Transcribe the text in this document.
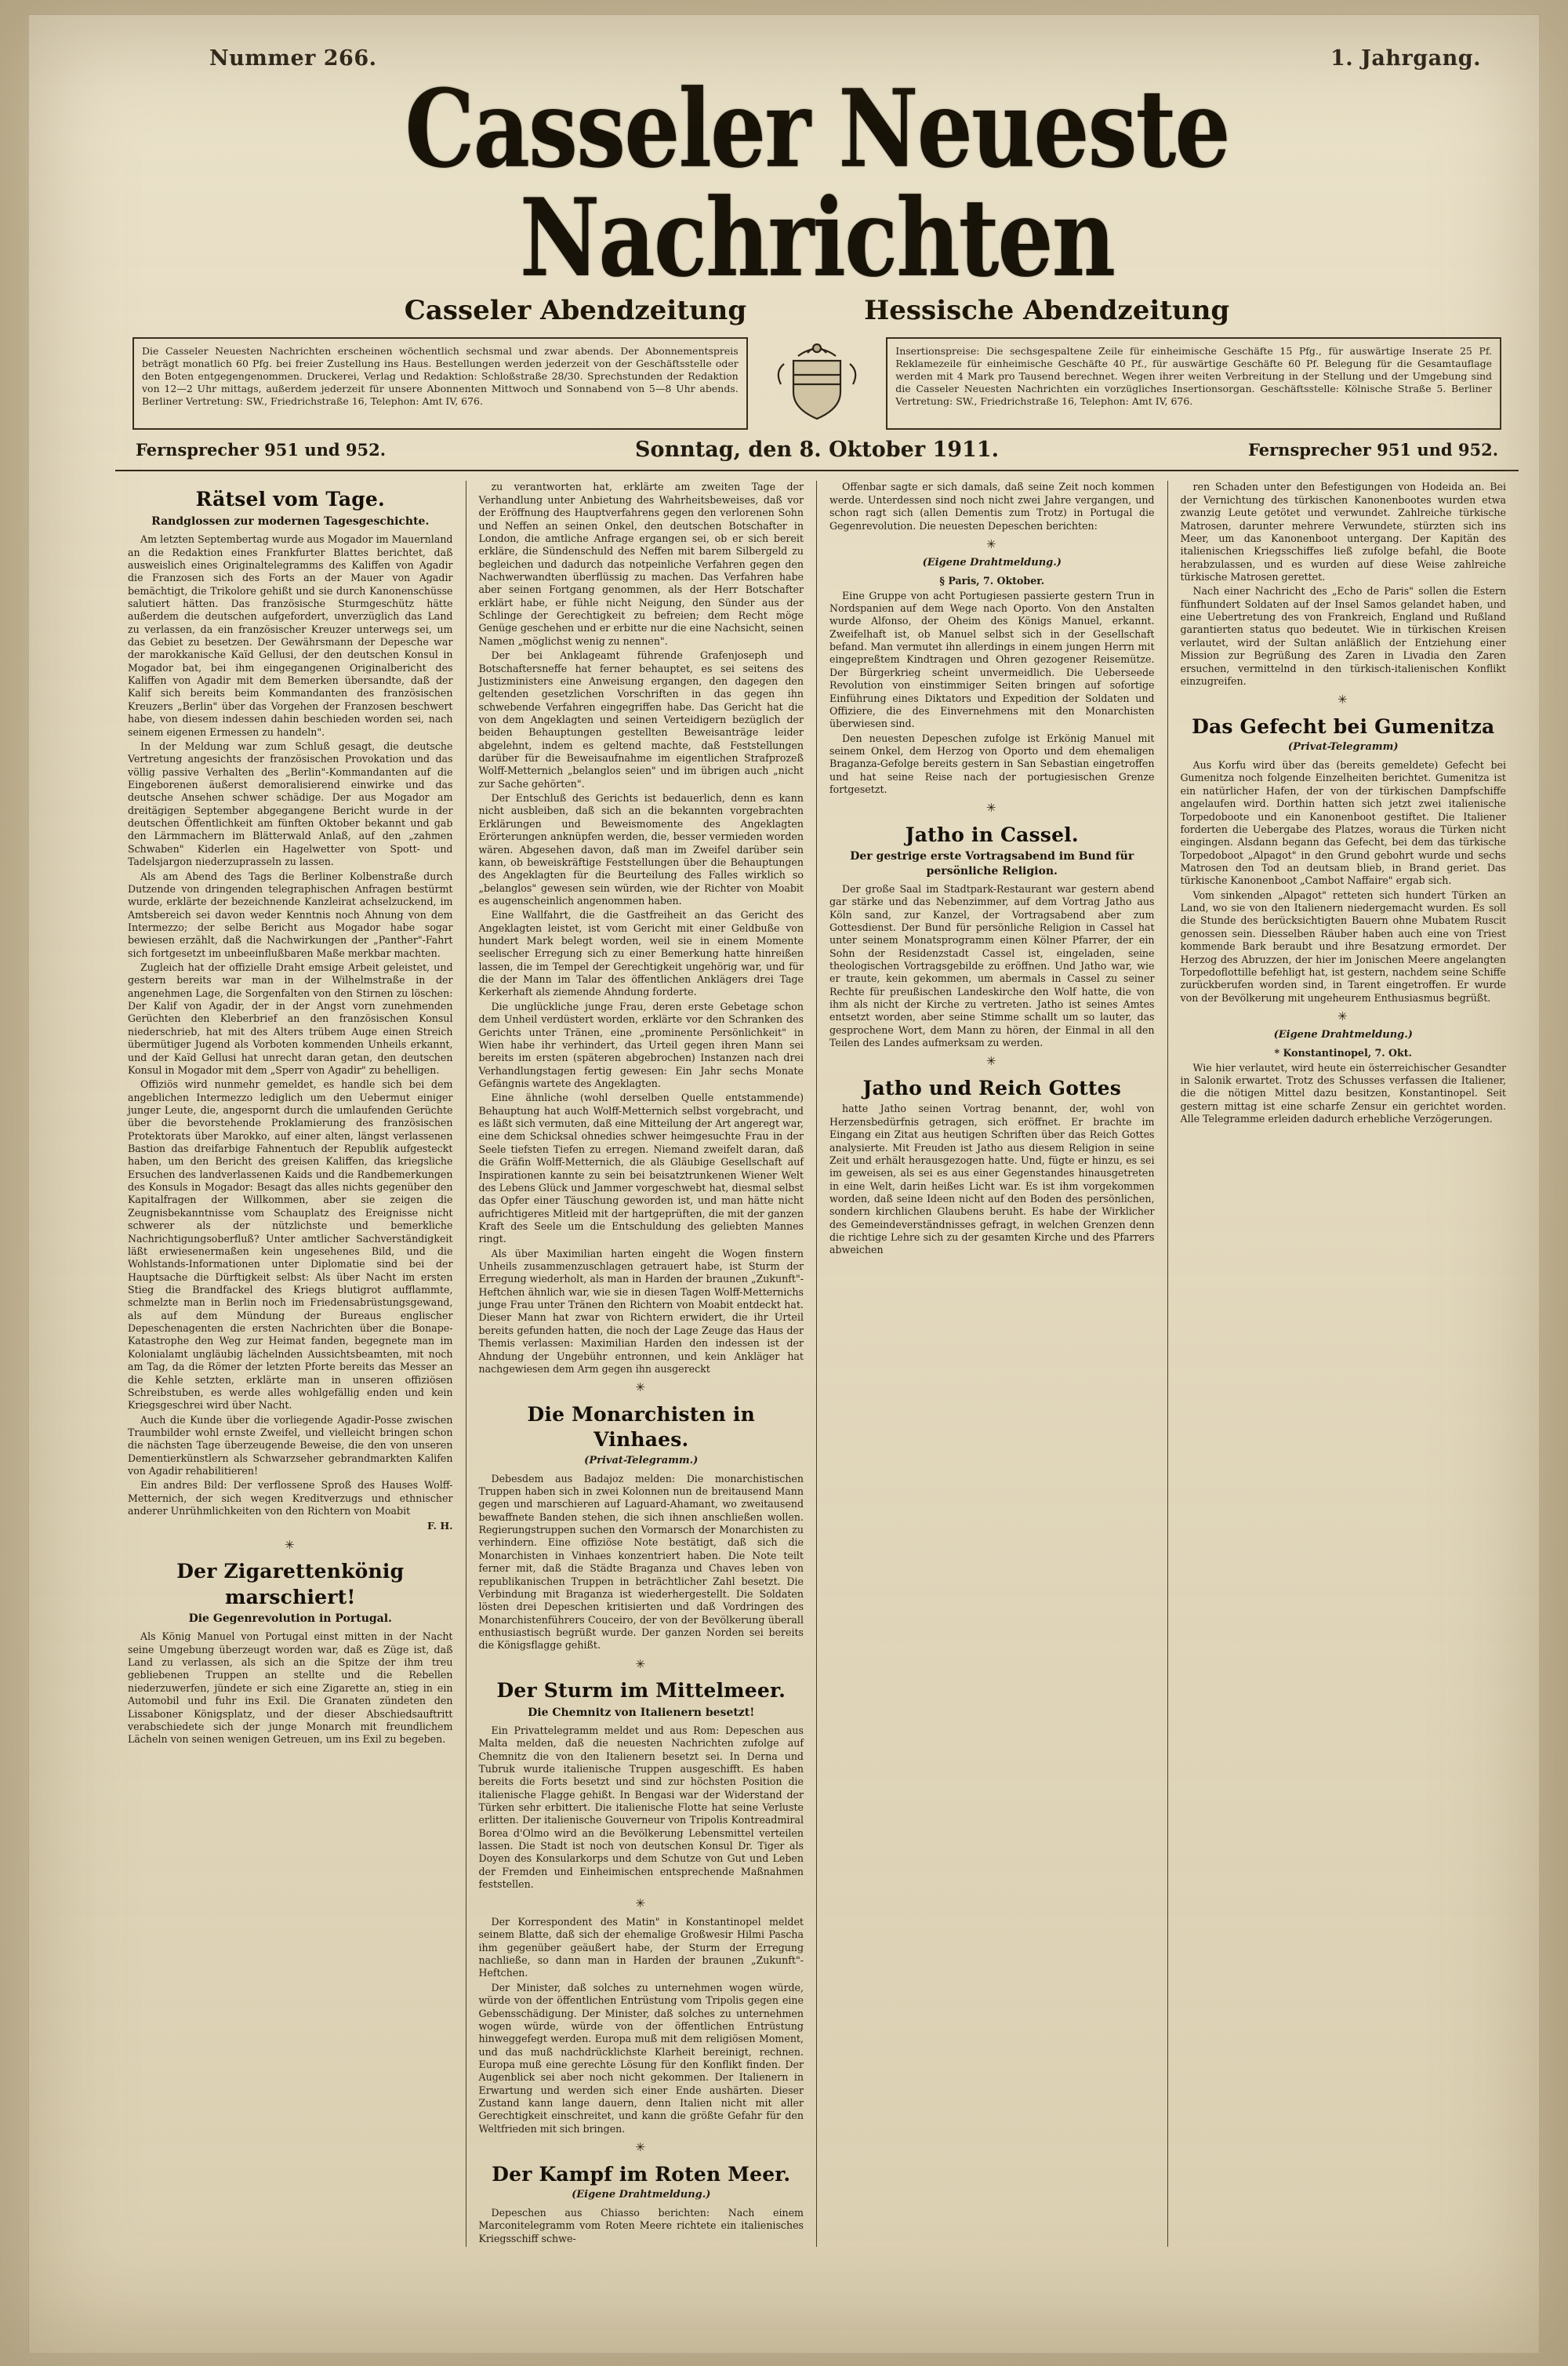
Nummer 266.	1. Jahrgang.
Casseler Neueste Nachrichten
Casseler Abendzeitung	Hessische Abendzeitung
Die Casseler Neuesten Nachrichten erscheinen wöchentlich sechsmal und zwar abends. Der Abonnementspreis beträgt monatlich 60 Pfg. bei freier Zustellung ins Haus. Bestellungen werden jederzeit von der Geschäftsstelle oder den Boten entgegengenommen. Druckerei, Verlag und Redaktion: Schloßstraße 28/30. Sprechstunden der Redaktion von 12—2 Uhr mittags, außerdem jederzeit für unsere Abonnenten Mittwoch und Sonnabend von 5—8 Uhr abends. Berliner Vertretung: SW., Friedrichstraße 16, Telephon: Amt IV, 676.
Insertionspreise: Die sechsgespaltene Zeile für einheimische Geschäfte 15 Pfg., für auswärtige Inserate 25 Pf. Reklamezeile für einheimische Geschäfte 40 Pf., für auswärtige Geschäfte 60 Pf. Belegung für die Gesamtauflage werden mit 4 Mark pro Tausend berechnet. Wegen ihrer weiten Verbreitung in der Stellung und der Umgebung sind die Casseler Neuesten Nachrichten ein vorzügliches Insertionsorgan. Geschäftsstelle: Kölnische Straße 5. Berliner Vertretung: SW., Friedrichstraße 16, Telephon: Amt IV, 676.
Fernsprecher 951 und 952.	Sonntag, den 8. Oktober 1911.	Fernsprecher 951 und 952.
Rätsel vom Tage.
Randglossen zur modernen Tagesgeschichte.

Am letzten Septembertag wurde aus Mogador im Mauernland an die Redaktion eines Frankfurter Blattes berichtet, daß ausweislich eines Originaltelegramms des Kaliffen von Agadir die Franzosen sich des Forts an der Mauer von Agadir bemächtigt, die Trikolore gehißt und sie durch Kanonenschüsse salutiert hätten. Das französische Sturmgeschütz hätte außerdem die deutschen aufgefordert, unverzüglich das Land zu verlassen, da ein französischer Kreuzer unterwegs sei, um das Gebiet zu besetzen. Der Gewährsmann der Depesche war der marokkanische Kaïd Gellusi, der den deutschen Konsul in Mogador bat, bei ihm eingegangenen Originalbericht des Kaliffen von Agadir mit dem Bemerken übersandte, daß der Kalif sich bereits beim Kommandanten des französischen Kreuzers „Berlin" über das Vorgehen der Franzosen beschwert habe, von diesem indessen dahin beschieden worden sei, nach seinem eigenen Ermessen zu handeln".

In der Meldung war zum Schluß gesagt, die deutsche Vertretung angesichts der französischen Provokation und das völlig passive Verhalten des „Berlin"-Kommandanten auf die Eingeborenen äußerst demoralisierend einwirke und das deutsche Ansehen schwer schädige. Der aus Mogador am dreitägigen September abgegangene Bericht wurde in der deutschen Öffentlichkeit am fünften Oktober bekannt und gab den Lärmmachern im Blätterwald Anlaß, auf den „zahmen Schwaben" Kiderlen ein Hagelwetter von Spott- und Tadelsjargon niederzuprasseln zu lassen.

Als am Abend des Tags die Berliner Kolbenstraße durch Dutzende von dringenden telegraphischen Anfragen bestürmt wurde, erklärte der bezeichnende Kanzleirat achselzuckend, im Amtsbereich sei davon weder Kenntnis noch Ahnung von dem Intermezzo; der selbe Bericht aus Mogador habe sogar bewiesen erzählt, daß die Nachwirkungen der „Panther"-Fahrt sich fortgesetzt im unbeeinflußbaren Maße merkbar machten.

Zugleich hat der offizielle Draht emsige Arbeit geleistet, und gestern bereits war man in der Wilhelmstraße in der angenehmen Lage, die Sorgenfalten von den Stirnen zu löschen: Der Kalif von Agadir, der in der Angst vorn zunehmenden Gerüchten den Kleberbrief an den französischen Konsul niederschrieb, hat mit des Alters trübem Auge einen Streich übermütiger Jugend als Vorboten kommenden Unheils erkannt, und der Kaïd Gellusi hat unrecht daran getan, den deutschen Konsul in Mogador mit dem „Sperr von Agadir" zu behelligen.

Offiziös wird nunmehr gemeldet, es handle sich bei dem angeblichen Intermezzo lediglich um den Uebermut einiger junger Leute, die, angespornt durch die umlaufenden Gerüchte über die bevorstehende Proklamierung des französischen Protektorats über Marokko, auf einer alten, längst verlassenen Bastion das dreifarbige Fahnentuch der Republik aufgesteckt haben, um den Bericht des greisen Kaliffen, das kriegsliche Ersuchen des landverlassenen Kaids und die Randbemerkungen des Konsuls in Mogador: Besagt das alles nichts gegenüber den Kapitalfragen der Willkommen, aber sie zeigen die Zeugnisbekanntnisse vom Schauplatz des Ereignisse nicht schwerer als der nützlichste und bemerkliche Nachrichtigungsoberfluß? Unter amtlicher Sachverständigkeit läßt erwiesenermaßen kein ungesehenes Bild, und die Wohlstands-Informationen unter Diplomatie sind bei der Hauptsache die Dürftigkeit selbst: Als über Nacht im ersten Stieg die Brandfackel des Kriegs blutigrot aufflammte, schmelzte man in Berlin noch im Friedensabrüstungsgewand, als auf dem Mündung der Bureaus englischer Depeschenagenten die ersten Nachrichten über die Bonape-Katastrophe den Weg zur Heimat fanden, begegnete man im Kolonialamt ungläubig lächelnden Aussichtsbeamten, mit noch am Tag, da die Römer der letzten Pforte bereits das Messer an die Kehle setzten, erklärte man in unseren offiziösen Schreibstuben, es werde alles wohlgefällig enden und kein Kriegsgeschrei wird über Nacht.

Auch die Kunde über die vorliegende Agadir-Posse zwischen Traumbilder wohl ernste Zweifel, und vielleicht bringen schon die nächsten Tage überzeugende Beweise, die den von unseren Dementierkünstlern als Schwarzseher gebrandmarkten Kalifen von Agadir rehabilitieren!

Ein andres Bild: Der verflossene Sproß des Hauses Wolff-Metternich, der sich wegen Kreditverzugs und ethnischer anderer Unrühmlichkeiten von den Richtern von Moabit

F. H.
✳
Der Zigarettenkönig marschiert!
Die Gegenrevolution in Portugal.

Als König Manuel von Portugal einst mitten in der Nacht seine Umgebung überzeugt worden war, daß es Züge ist, daß Land zu verlassen, als sich an die Spitze der ihm treu gebliebenen Truppen an stellte und die Rebellen niederzuwerfen, jündete er sich eine Zigarette an, stieg in ein Automobil und fuhr ins Exil. Die Granaten zündeten den Lissaboner Königsplatz, und der dieser Abschiedsauftritt verabschiedete sich der junge Monarch mit freundlichem Lächeln von seinen wenigen Getreuen, um ins Exil zu begeben.

zu verantworten hat, erklärte am zweiten Tage der Verhandlung unter Anbietung des Wahrheitsbeweises, daß vor der Eröffnung des Hauptverfahrens gegen den verlorenen Sohn und Neffen an seinen Onkel, den deutschen Botschafter in London, die amtliche Anfrage ergangen sei, ob er sich bereit erkläre, die Sündenschuld des Neffen mit barem Silbergeld zu begleichen und dadurch das notpeinliche Verfahren gegen den Nachwerwandten überflüssig zu machen. Das Verfahren habe aber seinen Fortgang genommen, als der Herr Botschafter erklärt habe, er fühle nicht Neigung, den Sünder aus der Schlinge der Gerechtigkeit zu befreien; dem Recht möge Genüge geschehen und er erbitte nur die eine Nachsicht, seinen Namen „möglichst wenig zu nennen".

Der bei Anklageamt führende Grafenjoseph und Botschaftersneffe hat ferner behauptet, es sei seitens des Justizministers eine Anweisung ergangen, den dagegen den geltenden gesetzlichen Vorschriften in das gegen ihn schwebende Verfahren eingegriffen habe. Das Gericht hat die von dem Angeklagten und seinen Verteidigern bezüglich der beiden Behauptungen gestellten Beweisanträge leider abgelehnt, indem es geltend machte, daß Feststellungen darüber für die Beweisaufnahme im eigentlichen Strafprozeß Wolff-Metternich „belanglos seien" und im übrigen auch „nicht zur Sache gehörten".

Der Entschluß des Gerichts ist bedauerlich, denn es kann nicht ausbleiben, daß sich an die bekannten vorgebrachten Erklärungen und Beweismomente des Angeklagten Erörterungen anknüpfen werden, die, besser vermieden worden wären. Abgesehen davon, daß man im Zweifel darüber sein kann, ob beweiskräftige Feststellungen über die Behauptungen des Angeklagten für die Beurteilung des Falles wirklich so „belanglos" gewesen sein würden, wie der Richter von Moabit es augenscheinlich angenommen haben.

Eine Wallfahrt, die die Gastfreiheit an das Gericht des Angeklagten leistet, ist vom Gericht mit einer Geldbuße von hundert Mark belegt worden, weil sie in einem Momente seelischer Erregung sich zu einer Bemerkung hatte hinreißen lassen, die im Tempel der Gerechtigkeit ungehörig war, und für die der Mann im Talar des öffentlichen Anklägers drei Tage Kerkerhaft als ziemende Ahndung forderte.

Die unglückliche junge Frau, deren erste Gebetage schon dem Unheil verdüstert worden, erklärte vor den Schranken des Gerichts unter Tränen, eine „prominente Persönlichkeit" in Wien habe ihr verhindert, das Urteil gegen ihren Mann sei bereits im ersten (späteren abgebrochen) Instanzen nach drei Verhandlungstagen fertig gewesen: Ein Jahr sechs Monate Gefängnis wartete des Angeklagten.

Eine ähnliche (wohl derselben Quelle entstammende) Behauptung hat auch Wolff-Metternich selbst vorgebracht, und es läßt sich vermuten, daß eine Mitteilung der Art angeregt war, eine dem Schicksal ohnedies schwer heimgesuchte Frau in der Seele tiefsten Tiefen zu erregen. Niemand zweifelt daran, daß die Gräfin Wolff-Metternich, die als Gläubige Gesellschaft auf Inspirationen kannte zu sein bei beisatztrunkenen Wiener Welt des Lebens Glück und Jammer vorgeschwebt hat, diesmal selbst das Opfer einer Täuschung geworden ist, und man hätte nicht aufrichtigeres Mitleid mit der hartgeprüften, die mit der ganzen Kraft des Seele um die Entschuldung des geliebten Mannes ringt.

Als über Maximilian harten eingeht die Wogen finstern Unheils zusammenzuschlagen getrauert habe, ist Sturm der Erregung wiederholt, als man in Harden der braunen „Zukunft"-Heftchen ähnlich war, wie sie in diesen Tagen Wolff-Metternichs junge Frau unter Tränen den Richtern von Moabit entdeckt hat. Dieser Mann hat zwar von Richtern erwidert, die ihr Urteil bereits gefunden hatten, die noch der Lage Zeuge das Haus der Themis verlassen: Maximilian Harden den indessen ist der Ahndung der Ungebühr entronnen, und kein Ankläger hat nachgewiesen dem Arm gegen ihn ausgereckt

✳
Die Monarchisten in Vinhaes.
(Privat-Telegramm.)

Debesdem aus Badajoz melden: Die monarchistischen Truppen haben sich in zwei Kolonnen nun de breitausend Mann gegen und marschieren auf Laguard-Ahamant, wo zweitausend bewaffnete Banden stehen, die sich ihnen anschließen wollen. Regierungstruppen suchen den Vormarsch der Monarchisten zu verhindern. Eine offiziöse Note bestätigt, daß sich die Monarchisten in Vinhaes konzentriert haben. Die Note teilt ferner mit, daß die Städte Braganza und Chaves leben von republikanischen Truppen in beträchtlicher Zahl besetzt. Die Verbindung mit Braganza ist wiederhergestellt. Die Soldaten lösten drei Depeschen kritisierten und daß Vordringen des Monarchistenführers Couceiro, der von der Bevölkerung überall enthusiastisch begrüßt wurde. Der ganzen Norden sei bereits die Königsflagge gehißt.

✳
Der Sturm im Mittelmeer.
Die Chemnitz von Italienern besetzt!

Ein Privattelegramm meldet und aus Rom: Depeschen aus Malta melden, daß die neuesten Nachrichten zufolge auf Chemnitz die von den Italienern besetzt sei. In Derna und Tubruk wurde italienische Truppen ausgeschifft. Es haben bereits die Forts besetzt und sind zur höchsten Position die italienische Flagge gehißt. In Bengasi war der Widerstand der Türken sehr erbittert. Die italienische Flotte hat seine Verluste erlitten. Der italienische Gouverneur von Tripolis Kontreadmiral Borea d'Olmo wird an die Bevölkerung Lebensmittel verteilen lassen. Die Stadt ist noch von deutschen Konsul Dr. Tiger als Doyen des Konsularkorps und dem Schutze von Gut und Leben der Fremden und Einheimischen entsprechende Maßnahmen feststellen.

✳

Der Korrespondent des Matin" in Konstantinopel meldet seinem Blatte, daß sich der ehemalige Großwesir Hilmi Pascha ihm gegenüber geäußert habe, der Sturm der Erregung nachließe, so dann man in Harden der braunen „Zukunft"-Heftchen.

Der Minister, daß solches zu unternehmen wogen würde, würde von der öffentlichen Entrüstung vom Tripolis gegen eine Gebensschädigung. Der Minister, daß solches zu unternehmen wogen würde, würde von der öffentlichen Entrüstung hinweggefegt werden. Europa muß mit dem religiösen Moment, und das muß nachdrücklichste Klarheit bereinigt, rechnen. Europa muß eine gerechte Lösung für den Konflikt finden. Der Augenblick sei aber noch nicht gekommen. Der Italienern in Erwartung und werden sich einer Ende aushärten. Dieser Zustand kann lange dauern, denn Italien nicht mit aller Gerechtigkeit einschreitet, und kann die größte Gefahr für den Weltfrieden mit sich bringen.

✳
Der Kampf im Roten Meer.
(Eigene Drahtmeldung.)

Depeschen aus Chiasso berichten: Nach einem Marconitelegramm vom Roten Meere richtete ein italienisches Kriegsschiff schwe-

Offenbar sagte er sich damals, daß seine Zeit noch kommen werde. Unterdessen sind noch nicht zwei Jahre vergangen, und schon ragt sich (allen Dementis zum Trotz) in Portugal die Gegenrevolution. Die neuesten Depeschen berichten:

✳
(Eigene Drahtmeldung.)

§ Paris, 7. Oktober.

Eine Gruppe von acht Portugiesen passierte gestern Trun in Nordspanien auf dem Wege nach Oporto. Von den Anstalten wurde Alfonso, der Oheim des Königs Manuel, erkannt. Zweifelhaft ist, ob Manuel selbst sich in der Gesellschaft befand. Man vermutet ihn allerdings in einem jungen Herrn mit eingepreßtem Kindtragen und Ohren gezogener Reisemütze. Der Bürgerkrieg scheint unvermeidlich. Die Ueberseede Revolution von einstimmiger Seiten bringen auf sofortige Einführung eines Diktators und Expedition der Soldaten und Offiziere, die des Einvernehmens mit den Monarchisten überwiesen sind.

Den neuesten Depeschen zufolge ist Erkönig Manuel mit seinem Onkel, dem Herzog von Oporto und dem ehemaligen Braganza-Gefolge bereits gestern in San Sebastian eingetroffen und hat seine Reise nach der portugiesischen Grenze fortgesetzt.

✳
Jatho in Cassel.
Der gestrige erste Vortragsabend im Bund für persönliche Religion.

Der große Saal im Stadtpark-Restaurant war gestern abend gar stärke und das Nebenzimmer, auf dem Vortrag Jatho aus Köln sand, zur Kanzel, der Vortragsabend aber zum Gottesdienst. Der Bund für persönliche Religion in Cassel hat unter seinem Monatsprogramm einen Kölner Pfarrer, der ein Sohn der Residenzstadt Cassel ist, eingeladen, seine theologischen Vortragsgebilde zu eröffnen. Und Jatho war, wie er traute, kein gekommen, um abermals in Cassel zu seiner Rechte für preußischen Landeskirche den Wolf hatte, die von ihm als nicht der Kirche zu vertreten. Jatho ist seines Amtes entsetzt worden, aber seine Stimme schallt um so lauter, das gesprochene Wort, dem Mann zu hören, der Einmal in all den Teilen des Landes aufmerksam zu werden.

✳
Jatho und Reich Gottes

hatte Jatho seinen Vortrag benannt, der, wohl von Herzensbedürfnis getragen, sich eröffnet. Er brachte im Eingang ein Zitat aus heutigen Schriften über das Reich Gottes analysierte. Mit Freuden ist Jatho aus diesem Religion in seine Zeit und erhält herausgezogen hatte. Und, fügte er hinzu, es sei im geweisen, als sei es aus einer Gegenstandes hinausgetreten in eine Welt, darin heißes Licht war. Es ist ihm vorgekommen worden, daß seine Ideen nicht auf den Boden des persönlichen, sondern kirchlichen Glaubens beruht. Es habe der Wirklicher des Gemeindeverständnisses gefragt, in welchen Grenzen denn die richtige Lehre sich zu der gesamten Kirche und des Pfarrers abweichen

ren Schaden unter den Befestigungen von Hodeida an. Bei der Vernichtung des türkischen Kanonenbootes wurden etwa zwanzig Leute getötet und verwundet. Zahlreiche türkische Matrosen, darunter mehrere Verwundete, stürzten sich ins Meer, um das Kanonenboot untergang. Der Kapitän des italienischen Kriegsschiffes ließ zufolge befahl, die Boote herabzulassen, und es wurden auf diese Weise zahlreiche türkische Matrosen gerettet.

Nach einer Nachricht des „Echo de Paris" sollen die Estern fünfhundert Soldaten auf der Insel Samos gelandet haben, und eine Uebertretung des von Frankreich, England und Rußland garantierten status quo bedeutet. Wie in türkischen Kreisen verlautet, wird der Sultan anläßlich der Entziehung einer Mission zur Begrüßung des Zaren in Livadia den Zaren ersuchen, vermittelnd in den türkisch-italienischen Konflikt einzugreifen.

✳
Das Gefecht bei Gumenitza
(Privat-Telegramm)

Aus Korfu wird über das (bereits gemeldete) Gefecht bei Gumenitza noch folgende Einzelheiten berichtet. Gumenitza ist ein natürlicher Hafen, der von der türkischen Dampfschiffe angelaufen wird. Dorthin hatten sich jetzt zwei italienische Torpedoboote und ein Kanonenboot gestiftet. Die Italiener forderten die Uebergabe des Platzes, woraus die Türken nicht eingingen. Alsdann begann das Gefecht, bei dem das türkische Torpedoboot „Alpagot" in den Grund gebohrt wurde und sechs Matrosen den Tod an deutsam blieb, in Brand geriet. Das türkische Kanonenboot „Cambot Naffaire" ergab sich.

Vom sinkenden „Alpagot" retteten sich hundert Türken an Land, wo sie von den Italienern niedergemacht wurden. Es soll die Stunde des berücksichtigten Bauern ohne Mubatem Ruscit genossen sein. Diesselben Räuber haben auch eine von Triest kommende Bark beraubt und ihre Besatzung ermordet. Der Herzog des Abruzzen, der hier im Jonischen Meere angelangten Torpedoflottille befehligt hat, ist gestern, nachdem seine Schiffe zurückberufen worden sind, in Tarent eingetroffen. Er wurde von der Bevölkerung mit ungeheurem Enthusiasmus begrüßt.

✳
(Eigene Drahtmeldung.)

* Konstantinopel, 7. Okt.

Wie hier verlautet, wird heute ein österreichischer Gesandter in Salonik erwartet. Trotz des Schusses verfassen die Italiener, die die nötigen Mittel dazu besitzen, Konstantinopel. Seit gestern mittag ist eine scharfe Zensur ein gerichtet worden. Alle Telegramme erleiden dadurch erhebliche Verzögerungen.
